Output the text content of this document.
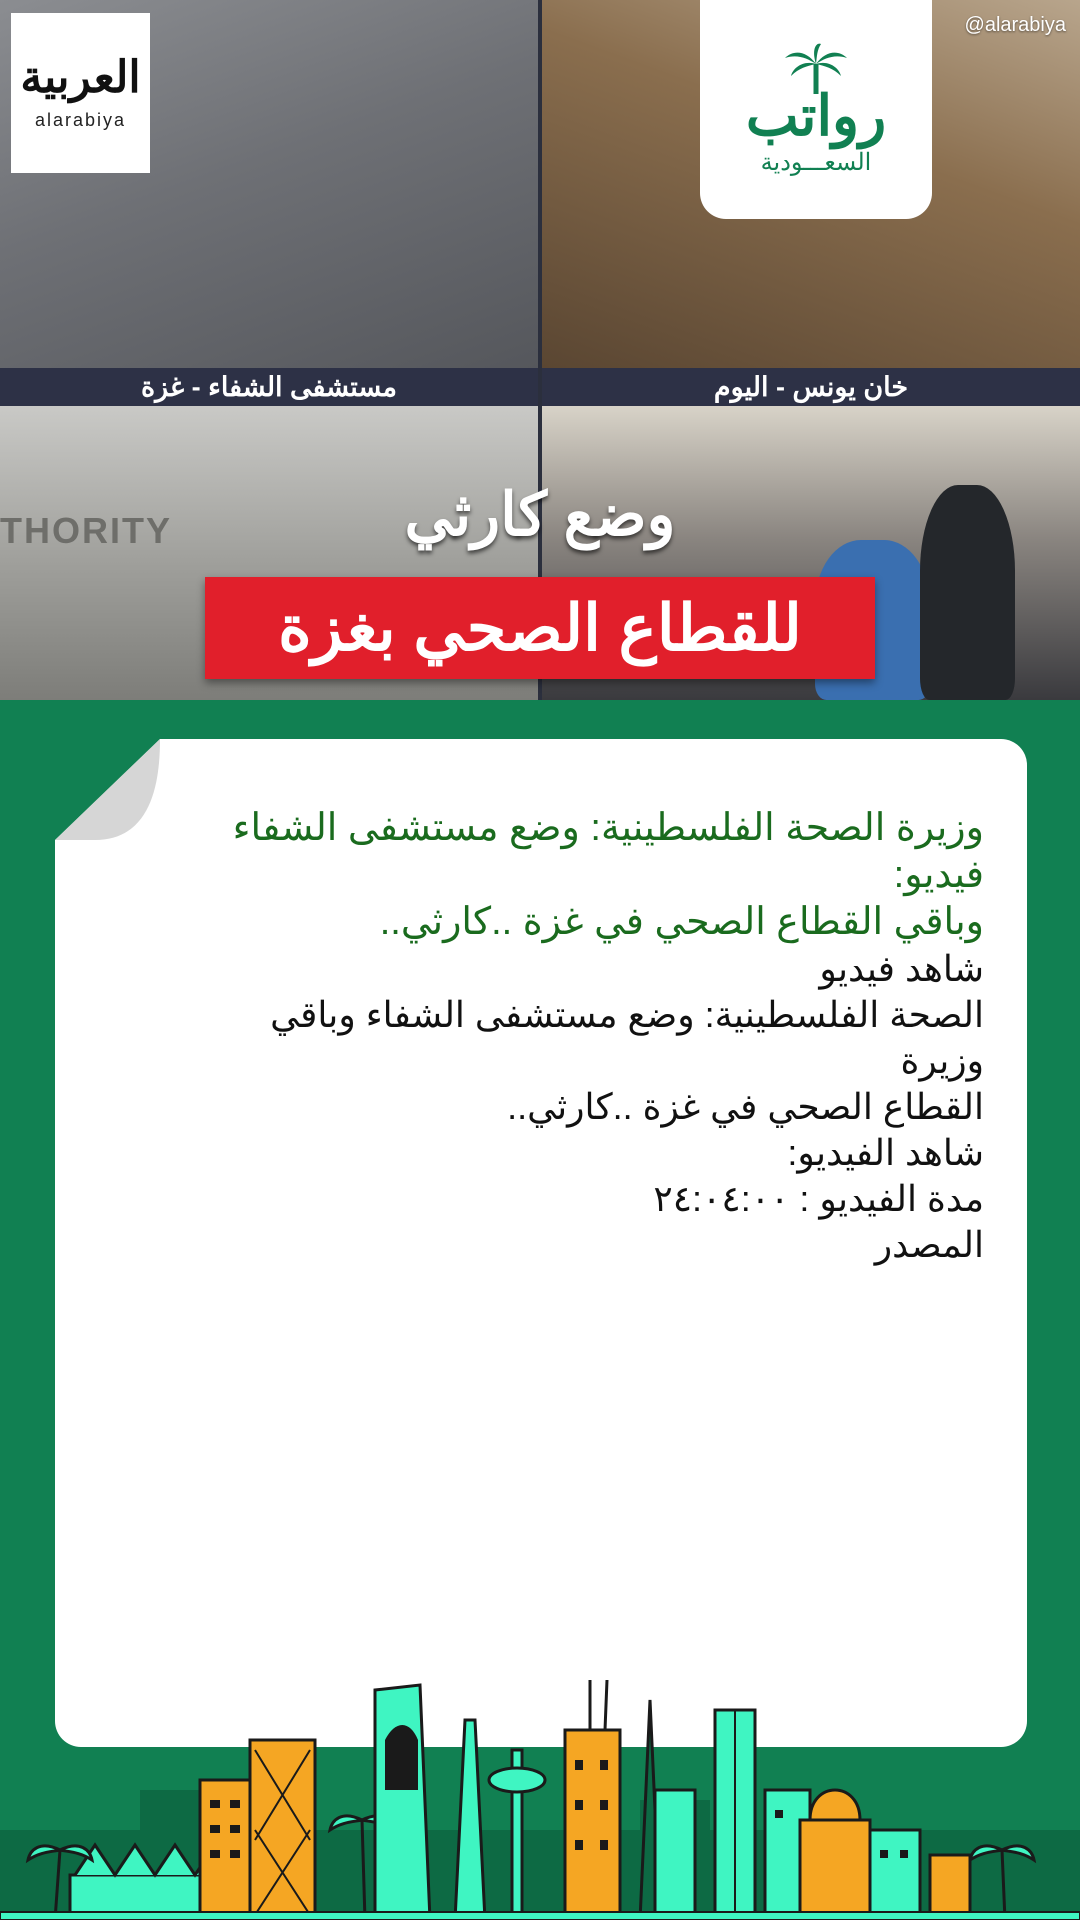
THORITY
مستشفى الشفاء - غزة	خان يونس - اليوم
وضع كارثي
للقطاع الصحي بغزة
@alarabiya
العربية
alarabiya	رواتب
السعـــودية
وزيرة الصحة الفلسطينية: وضع مستشفى الشفاء
فيديو:
وباقي القطاع الصحي في غزة ..كارثي..
شاهد فيديو
الصحة الفلسطينية: وضع مستشفى الشفاء وباقي
وزيرة
القطاع الصحي في غزة ..كارثي..
شاهد الفيديو:
مدة الفيديو : ٢٤:٠٤:٠٠
المصدر
